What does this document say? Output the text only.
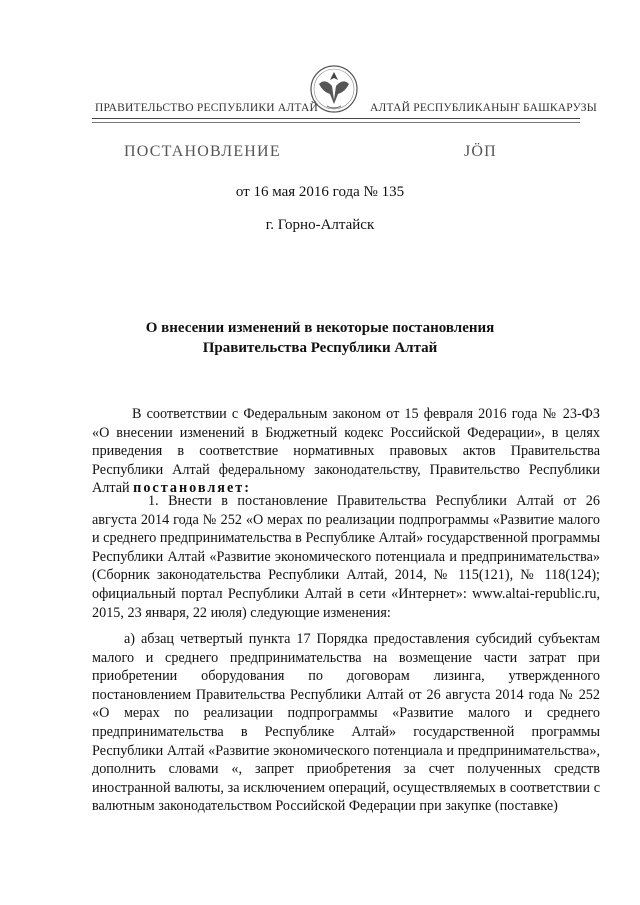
ПРАВИТЕЛЬСТВО РЕСПУБЛИКИ АЛТАЙ	АЛТАЙ РЕСПУБЛИКАНЫҤ БАШКАРУЗЫ
ПОСТАНОВЛЕНИЕ	ЈӦП
от 16 мая 2016 года № 135
г. Горно-Алтайск
О внесении изменений в некоторые постановления
Правительства Республики Алтай
В соответствии с Федеральным законом от 15 февраля 2016 года № 23-ФЗ «О внесении изменений в Бюджетный кодекс Российской Федерации», в целях приведения в соответствие нормативных правовых актов Правительства Республики Алтай федеральному законодательству, Правительство Республики Алтай постановляет:
1. Внести в постановление Правительства Республики Алтай от 26 августа 2014 года № 252 «О мерах по реализации подпрограммы «Развитие малого и среднего предпринимательства в Республике Алтай» государственной программы Республики Алтай «Развитие экономического потенциала и предпринимательства» (Сборник законодательства Республики Алтай, 2014, № 115(121), № 118(124); официальный портал Республики Алтай в сети «Интернет»: www.altai-republic.ru, 2015, 23 января, 22 июля) следующие изменения:
а) абзац четвертый пункта 17 Порядка предоставления субсидий субъектам малого и среднего предпринимательства на возмещение части затрат при приобретении оборудования по договорам лизинга, утвержденного постановлением Правительства Республики Алтай от 26 августа 2014 года № 252 «О мерах по реализации подпрограммы «Развитие малого и среднего предпринимательства в Республике Алтай» государственной программы Республики Алтай «Развитие экономического потенциала и предпринимательства», дополнить словами «, запрет приобретения за счет полученных средств иностранной валюты, за исключением операций, осуществляемых в соответствии с валютным законодательством Российской Федерации при закупке (поставке)
